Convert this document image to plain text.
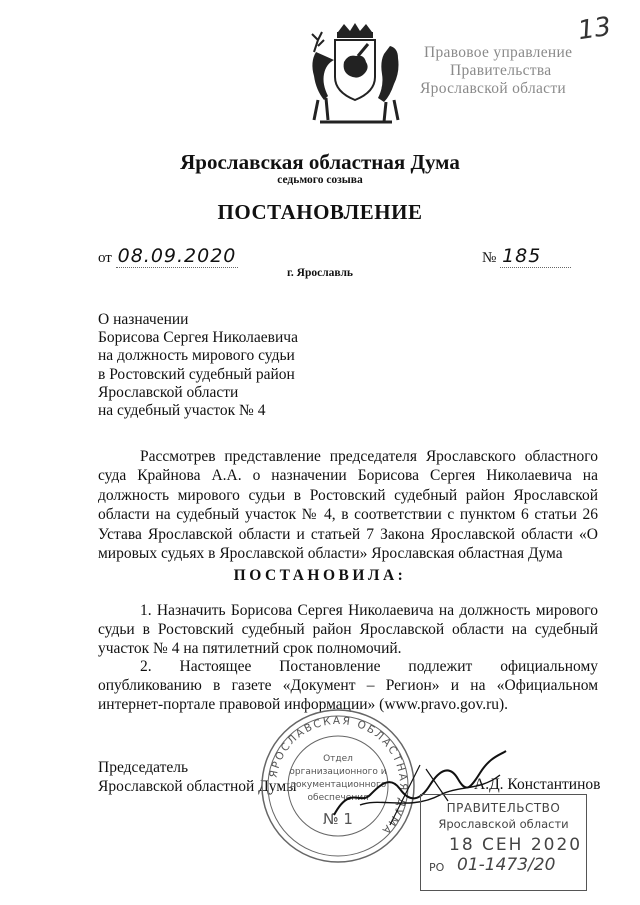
13
Правовое управление
Правительства
Ярославской области
Ярославская областная Дума
седьмого созыва
ПОСТАНОВЛЕНИЕ
от 08.09.2020	№ 185
г. Ярославль
О назначении
Борисова Сергея Николаевича
на должность мирового судьи
в Ростовский судебный район
Ярославской области
на судебный участок № 4
Рассмотрев представление председателя Ярославского областного суда Крайнова А.А. о назначении Борисова Сергея Николаевича на должность мирового судьи в Ростовский судебный район Ярославской области на судебный участок № 4, в соответствии с пунктом 6 статьи 26 Устава Ярославской области и статьей 7 Закона Ярославской области «О мировых судьях в Ярославской области» Ярославская областная Дума
ПОСТАНОВИЛА:

1. Назначить Борисова Сергея Николаевича на должность мирового судьи в Ростовский судебный район Ярославской области на судебный участок № 4 на пятилетний срок полномочий.

2. Настоящее Постановление подлежит официальному опубликованию в газете «Документ – Регион» и на «Официальном интернет-портале правовой информации» (www.pravo.gov.ru).

Председатель
Ярославской областной Думы	А.Д. Константинов
ЯРОСЛАВСКАЯ ОБЛАСТНАЯ ДУМА
Отдел
организационного и
документационного
обеспечения
№ 1
ПРАВИТЕЛЬСТВО
Ярославской области
18 СЕН 2020
РО 01-1473/20
